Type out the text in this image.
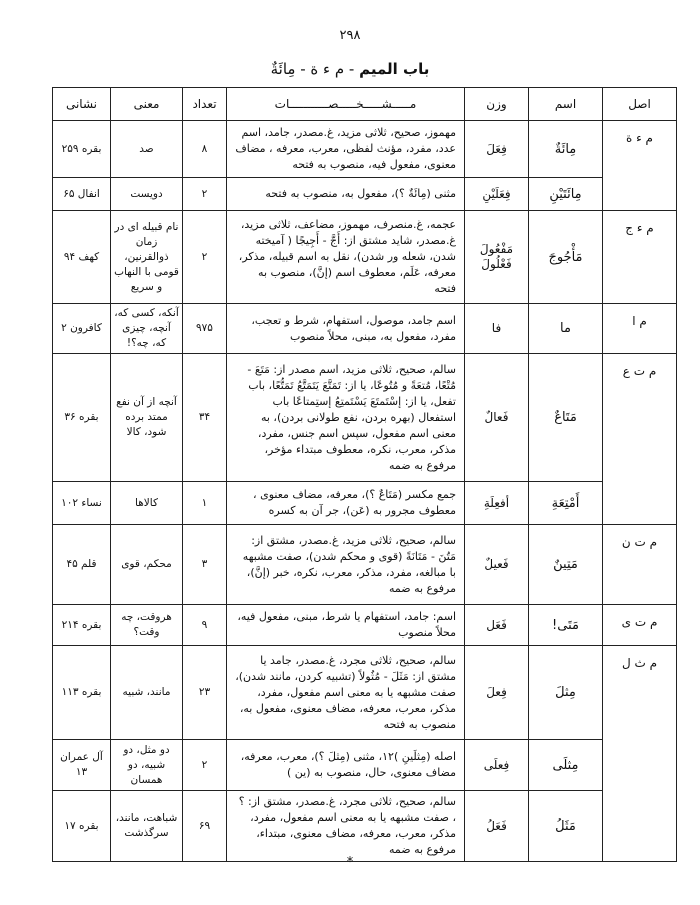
۲۹۸
باب المیم - م ء ة - مِائَةٌ
اصل	اسم	وزن	مـــــشـــــخـــــصـــــــــــات	تعداد	معنی	نشانی
م ء ة	مِائَةٌ	فِعَلَ	مهموز، صحیح، ثلاثی مزید، غ.مصدر، جامد، اسم عدد، مفرد، مؤنث لفظی، معرب، معرفه ، مضاف معنوی، مفعول فیه، منصوب به فتحه	۸	صد	بقره ۲۵۹
	مِائَتَیْنِ	فِعَلَیْنِ	مثنی (مِائَةٌ ؟)، مفعول به، منصوب به فتحه	۲	دویست	انفال ۶۵
م ء ج	مَأْجُوجَ	مَفْعُولَ فَعْلُولَ	عجمه، غ.منصرف، مهموز، مضاعف، ثلاثی مزید، غ.مصدر، شاید مشتق از: أَجَّ - أَجِيجًا ( آمیخته شدن، شعله ور شدن)، نقل به اسم قبیله، مذکر، معرفه، عَلَم، معطوف اسم (إنَّ)، منصوب به فتحه	۲	نام قبیله ای در زمان ذوالقرنین، قومی با النهاب و سریع	کهف ۹۴
م ا	ما	فا	اسم جامد، موصول، استفهام، شرط و تعجب، مفرد، مفعول به، مبنی، محلاً منصوب	۹۷۵	آنکه، کسی که، آنچه، چیزی که، چه؟!	کافرون ۲
م ت ع	مَتَاعٌ	فَعالٌ	سالم، صحیح، ثلاثی مزید، اسم مصدر از: مَتَعَ - مُتْعًا، مُتعَةً و مُتُوعًا، یا از: تَمَتَّعَ يَتَمَتَّعُ تَمَتُّعًا، باب تفعل، یا از: إسْتَمتَعَ يَسْتَمتِعُ إستِمتاعًا باب استفعال (بهره بردن، نفع طولانی بردن)، به معنی اسم مفعول، سپس اسم جنس، مفرد، مذکر، معرب، نکره، معطوف مبتداء مؤخر، مرفوع به ضمه	۳۴	آنچه از آن نفع ممتد برده شود، کالا	بقره ۳۶
	أَمْتِعَةِ	أفعِلَةِ	جمع مکسر (مَتَاعٌ ؟)، معرفه، مضاف معنوی ، معطوف مجرور به (عَن)، جر آن به کسره	۱	کالاها	نساء ۱۰۲
م ت ن	مَتِينٌ	فَعیلٌ	سالم، صحیح، ثلاثی مزید، غ.مصدر، مشتق از: مَتُنَ - مَتَانَةً (قوی و محکم شدن)، صفت مشبهه با مبالغه، مفرد، مذکر، معرب، نکره، خبر (إنَّ)، مرفوع به ضمه	۳	محکم، قوی	قلم ۴۵
م ت ی	مَتَی!	فَعَل	اسم: جامد، استفهام یا شرط، مبنی، مفعول فیه، محلاً منصوب	۹	هروقت، چه وقت؟	بقره ۲۱۴
م ث ل	مِثلَ	فِعلَ	سالم، صحیح، ثلاثی مجرد، غ.مصدر، جامد یا مشتق از: مَثَلَ - مُثُولاً (تشبیه کردن، مانند شدن)، صفت مشبهه یا به معنی اسم مفعول، مفرد، مذکر، معرب، معرفه، مضاف معنوی، مفعول به، منصوب به فتحه	۲۳	مانند، شبیه	بقره ۱۱۳
	مِثلَی	فِعلَی	اصله (مِثلَینِ )۱۲، مثنی (مِثلَ ؟)، معرب، معرفه، مضاف معنوی، حال، منصوب به (ین )	۲	دو مثل، دو شبیه، دو همسان	آل عمران ۱۳
	مَثَلُ	فَعَلُ	سالم، صحیح، ثلاثی مجرد، غ.مصدر، مشتق از: ؟ ، صفت مشبهه یا به معنی اسم مفعول، مفرد، مذکر، معرب، معرفه، مضاف معنوی، مبتداء، مرفوع به ضمه	۶۹	شباهت، مانند، سرگذشت	بقره ۱۷
*
